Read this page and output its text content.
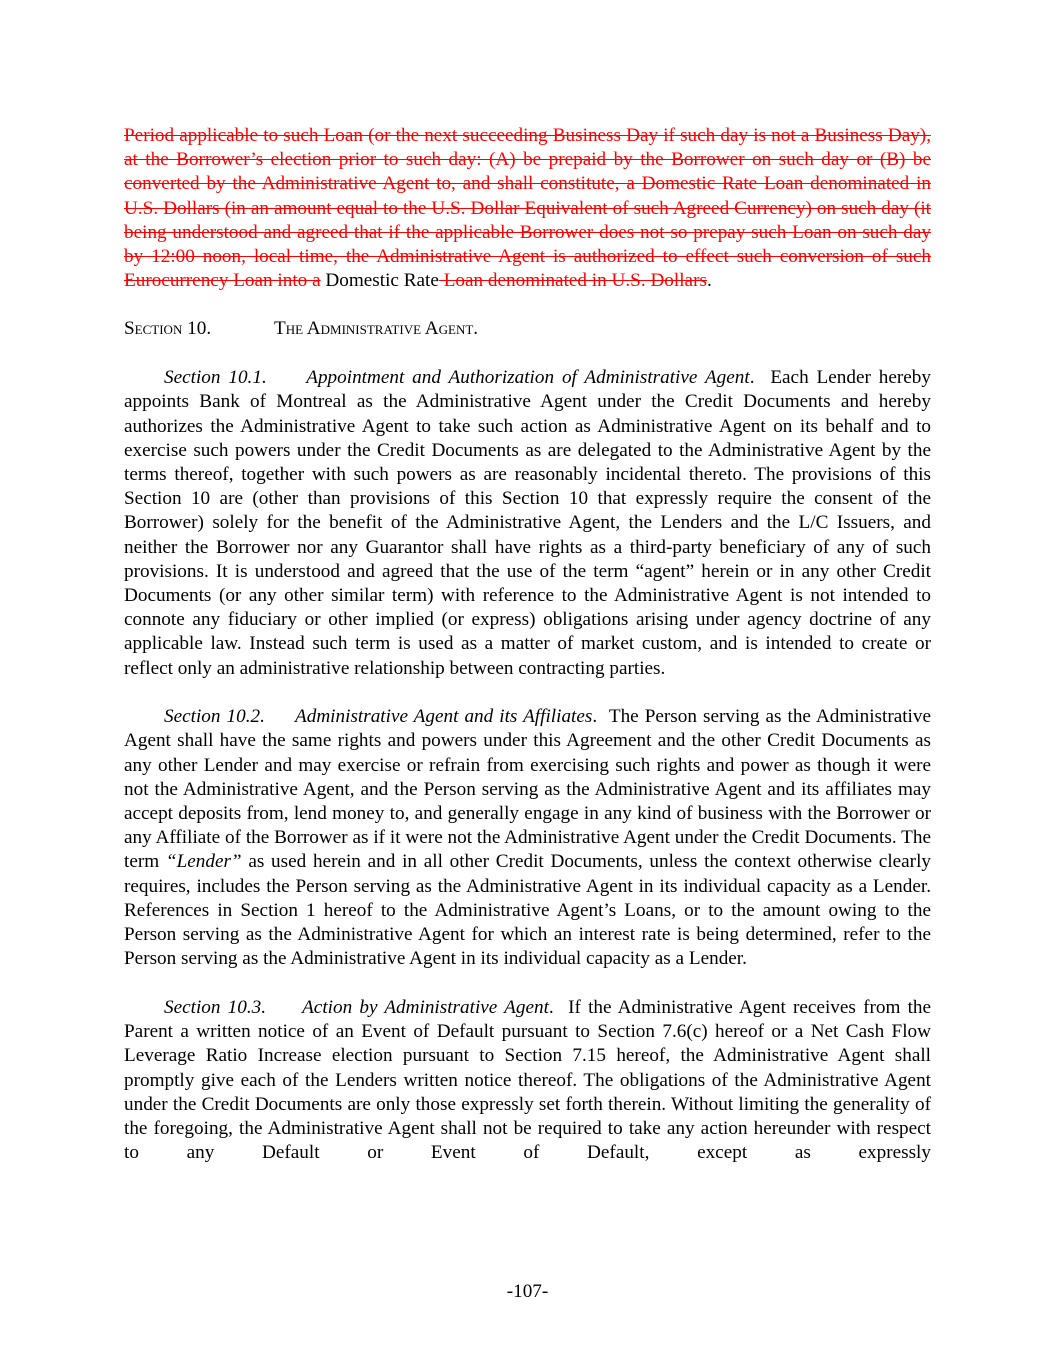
Period applicable to such Loan (or the next succeeding Business Day if such day is not a Business Day), at the Borrower’s election prior to such day: (A) be prepaid by the Borrower on such day or (B) be converted by the Administrative Agent to, and shall constitute, a Domestic Rate Loan denominated in U.S. Dollars (in an amount equal to the U.S. Dollar Equivalent of such Agreed Currency) on such day (it being understood and agreed that if the applicable Borrower does not so prepay such Loan on such day by 12:00 noon, local time, the Administrative Agent is authorized to effect such conversion of such Eurocurrency Loan into a Domestic Rate Loan denominated in U.S. Dollars.

Section 10.	The Administrative Agent.

Section 10.1. Appointment and Authorization of Administrative Agent.  Each Lender hereby appoints Bank of Montreal as the Administrative Agent under the Credit Documents and hereby authorizes the Administrative Agent to take such action as Administrative Agent on its behalf and to exercise such powers under the Credit Documents as are delegated to the Administrative Agent by the terms thereof, together with such powers as are reasonably incidental thereto. The provisions of this Section 10 are (other than provisions of this Section 10 that expressly require the consent of the Borrower) solely for the benefit of the Administrative Agent, the Lenders and the L/C Issuers, and neither the Borrower nor any Guarantor shall have rights as a third-party beneficiary of any of such provisions. It is understood and agreed that the use of the term “agent” herein or in any other Credit Documents (or any other similar term) with reference to the Administrative Agent is not intended to connote any fiduciary or other implied (or express) obligations arising under agency doctrine of any applicable law. Instead such term is used as a matter of market custom, and is intended to create or reflect only an administrative relationship between contracting parties.

Section 10.2. Administrative Agent and its Affiliates.  The Person serving as the Administrative Agent shall have the same rights and powers under this Agreement and the other Credit Documents as any other Lender and may exercise or refrain from exercising such rights and power as though it were not the Administrative Agent, and the Person serving as the Administrative Agent and its affiliates may accept deposits from, lend money to, and generally engage in any kind of business with the Borrower or any Affiliate of the Borrower as if it were not the Administrative Agent under the Credit Documents. The term “Lender” as used herein and in all other Credit Documents, unless the context otherwise clearly requires, includes the Person serving as the Administrative Agent in its individual capacity as a Lender. References in Section 1 hereof to the Administrative Agent’s Loans, or to the amount owing to the Person serving as the Administrative Agent for which an interest rate is being determined, refer to the Person serving as the Administrative Agent in its individual capacity as a Lender.

Section 10.3. Action by Administrative Agent.  If the Administrative Agent receives from the Parent a written notice of an Event of Default pursuant to Section 7.6(c) hereof or a Net Cash Flow Leverage Ratio Increase election pursuant to Section 7.15 hereof, the Administrative Agent shall promptly give each of the Lenders written notice thereof. The obligations of the Administrative Agent under the Credit Documents are only those expressly set forth therein. Without limiting the generality of the foregoing, the Administrative Agent shall not be required to take any action hereunder with respect to any Default or Event of Default, except as expressly

-107-
